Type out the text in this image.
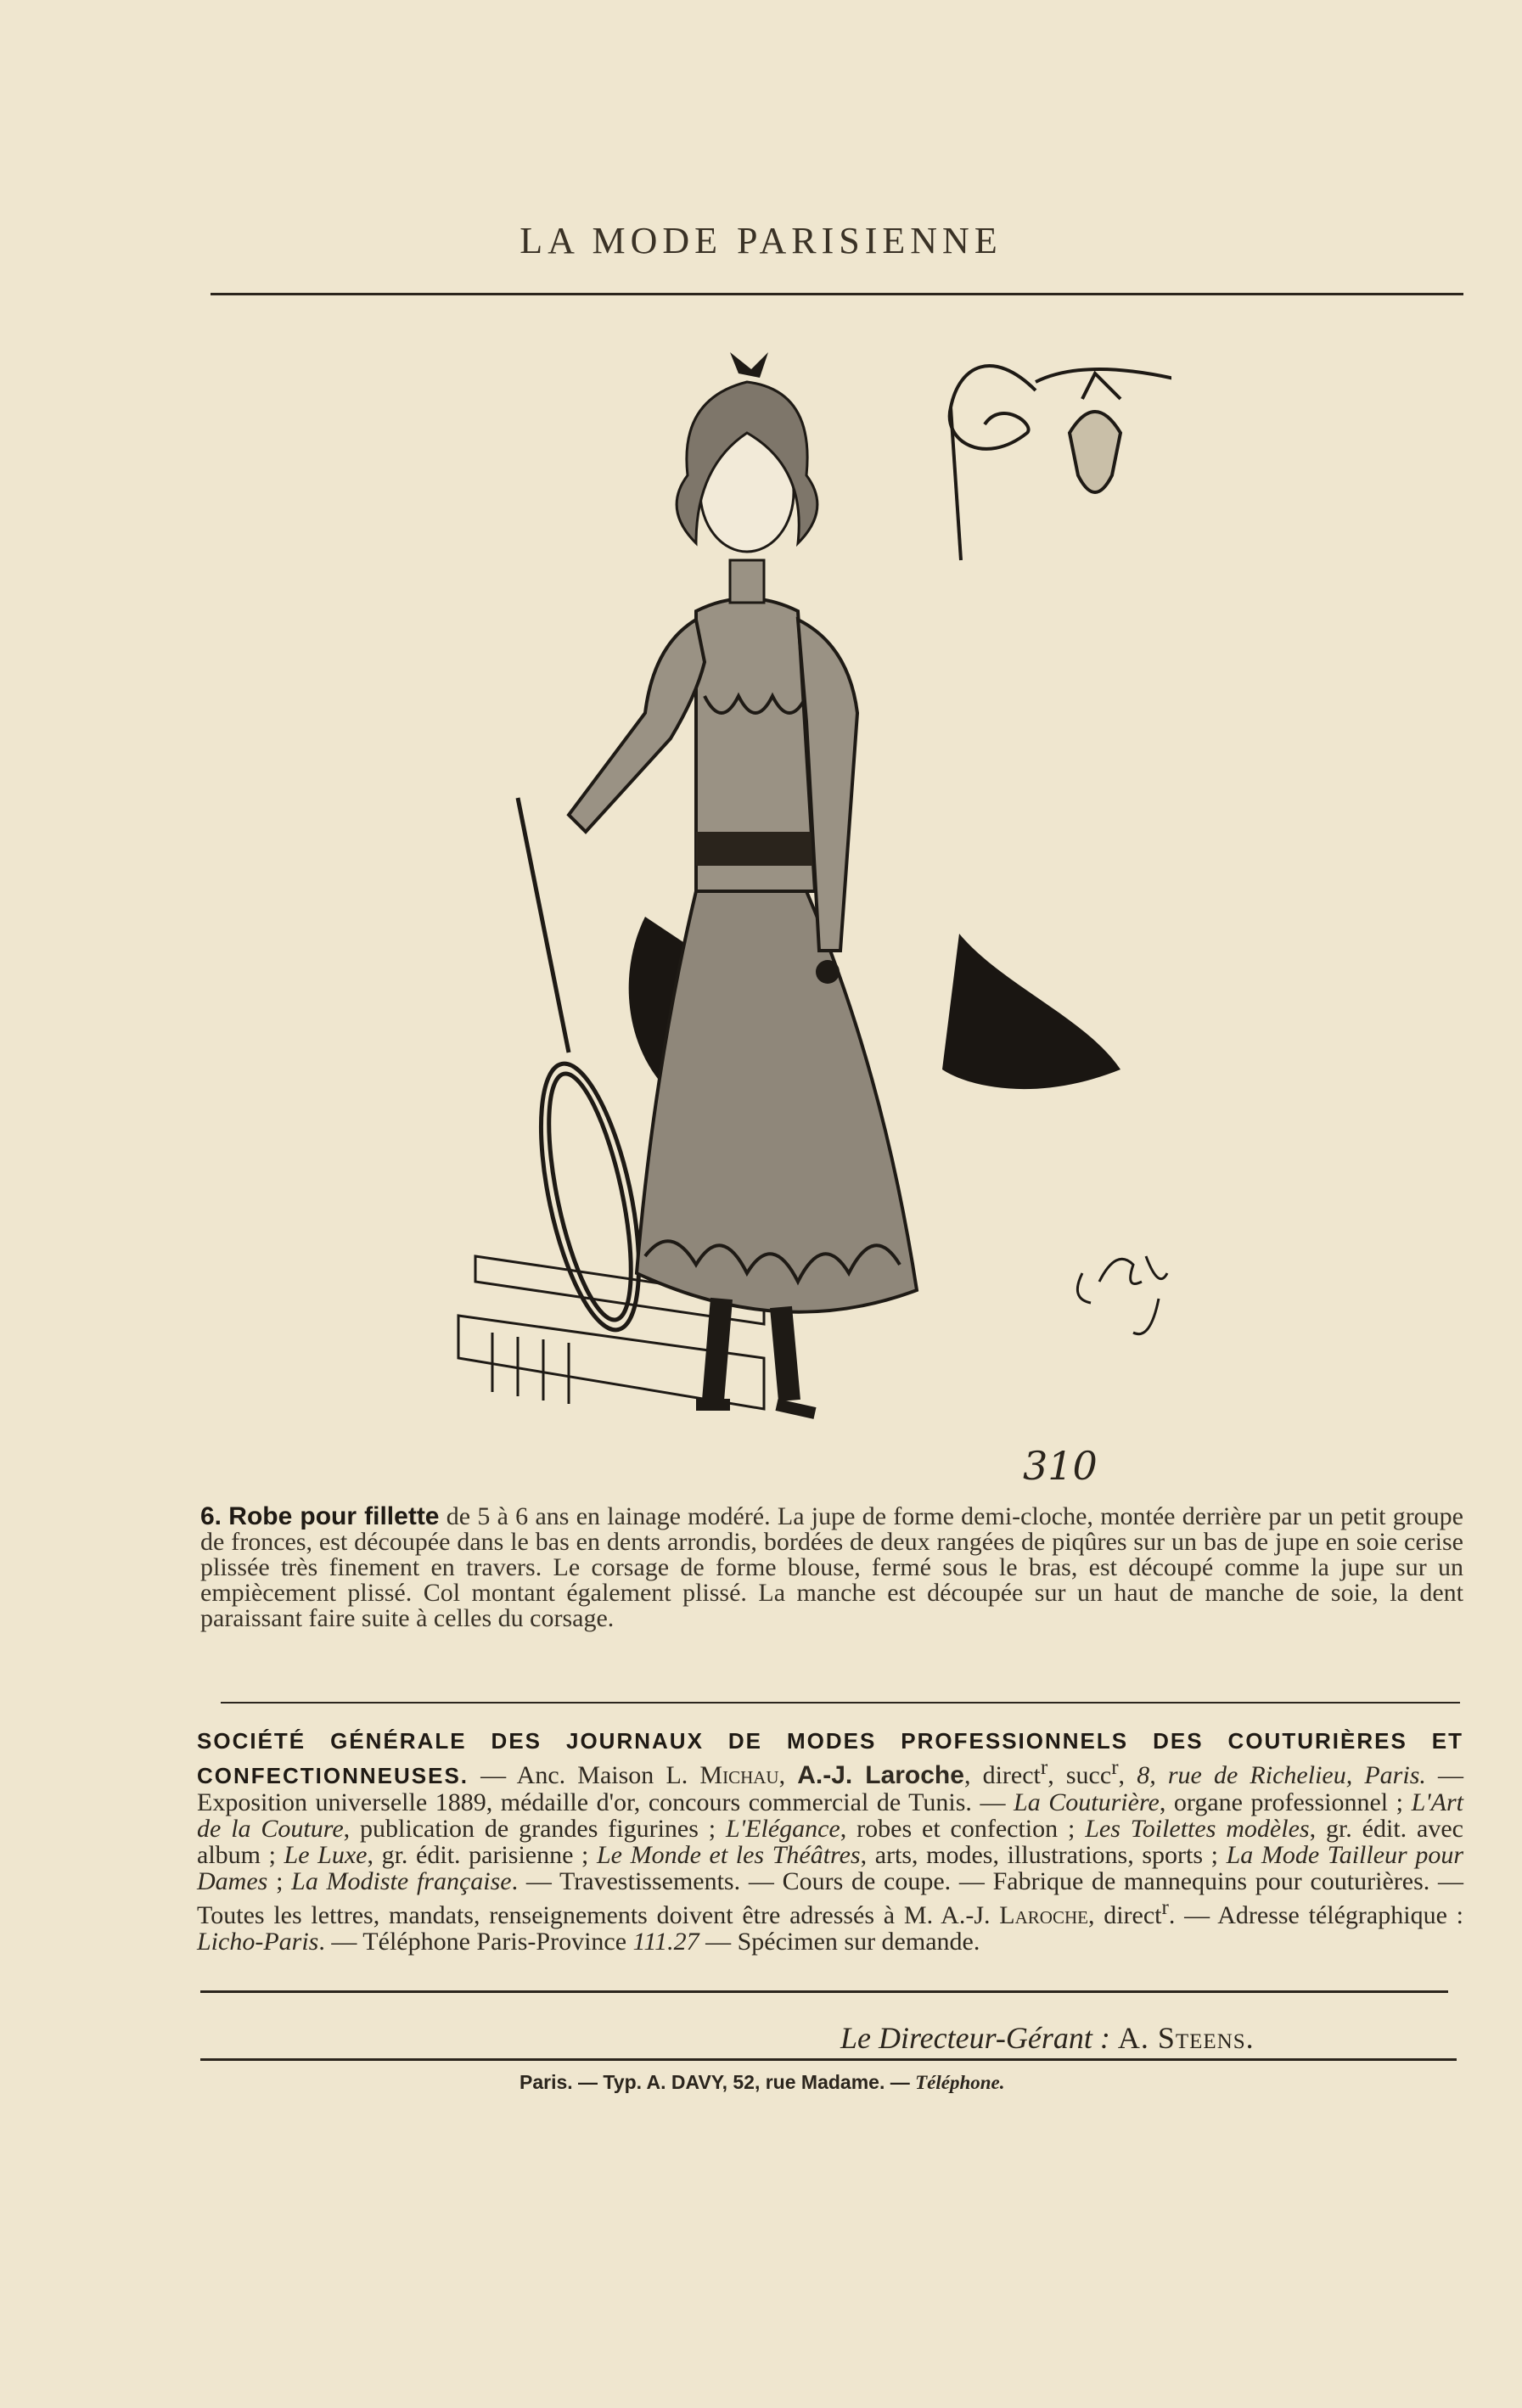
LA MODE PARISIENNE
310
6. Robe pour fillette de 5 à 6 ans en lainage modéré. La jupe de forme demi-cloche, montée derrière par un petit groupe de fronces, est découpée dans le bas en dents arrondis, bordées de deux rangées de piqûres sur un bas de jupe en soie cerise plissée très finement en travers. Le corsage de forme blouse, fermé sous le bras, est découpé comme la jupe sur un empiècement plissé. Col montant également plissé. La manche est découpée sur un haut de manche de soie, la dent paraissant faire suite à celles du corsage.
SOCIÉTÉ GÉNÉRALE DES JOURNAUX DE MODES PROFESSIONNELS DES COUTURIÈRES ET CONFECTIONNEUSES. — Anc. Maison L. Michau, A.-J. Laroche, direct$^r$, succ$^r$, 8, rue de Richelieu, Paris. — Exposition universelle 1889, médaille d'or, concours commercial de Tunis. — La Couturière, organe professionnel ; L'Art de la Couture, publication de grandes figurines ; L'Elégance, robes et confection ; Les Toilettes modèles, gr. édit. avec album ; Le Luxe, gr. édit. parisienne ; Le Monde et les Théâtres, arts, modes, illustrations, sports ; La Mode Tailleur pour Dames ; La Modiste française. — Travestissements. — Cours de coupe. — Fabrique de mannequins pour couturières. — Toutes les lettres, mandats, renseignements doivent être adressés à M. A.-J. Laroche, direct$^r$. — Adresse télégraphique : Licho-Paris. — Téléphone Paris-Province 111.27 — Spécimen sur demande.
Le Directeur-Gérant : A. Steens.
Paris. — Typ. A. DAVY, 52, rue Madame. — Téléphone.
